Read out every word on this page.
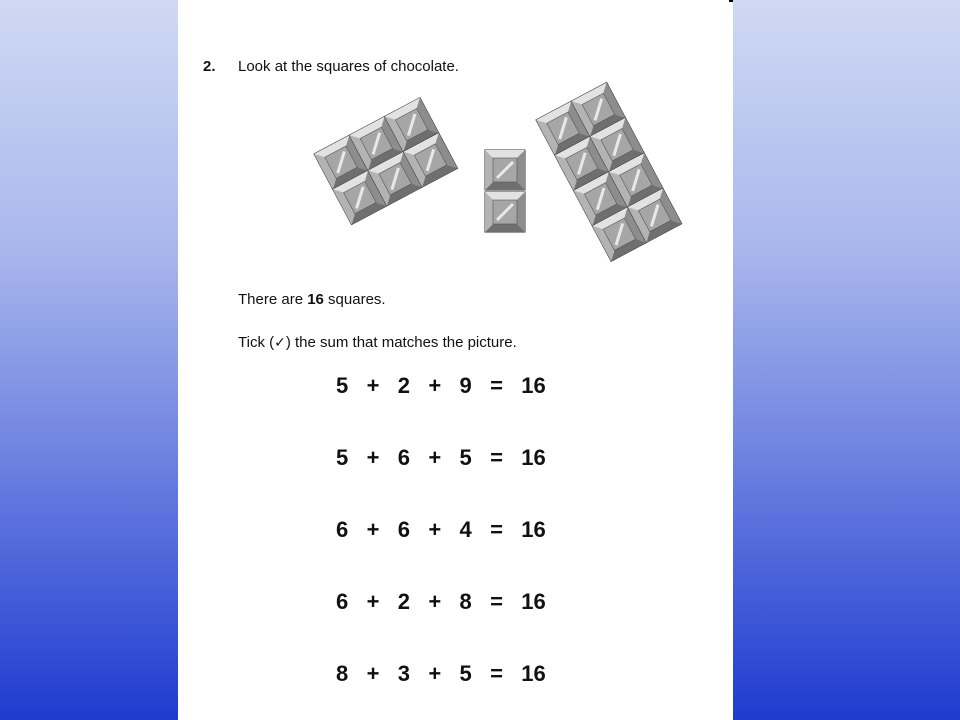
2. Look at the squares of chocolate.
There are 16 squares.
Tick (✓) the sum that matches the picture.
5   +   2   +   9   =   16
5   +   6   +   5   =   16
6   +   6   +   4   =   16
6   +   2   +   8   =   16
8   +   3   +   5   =   16
